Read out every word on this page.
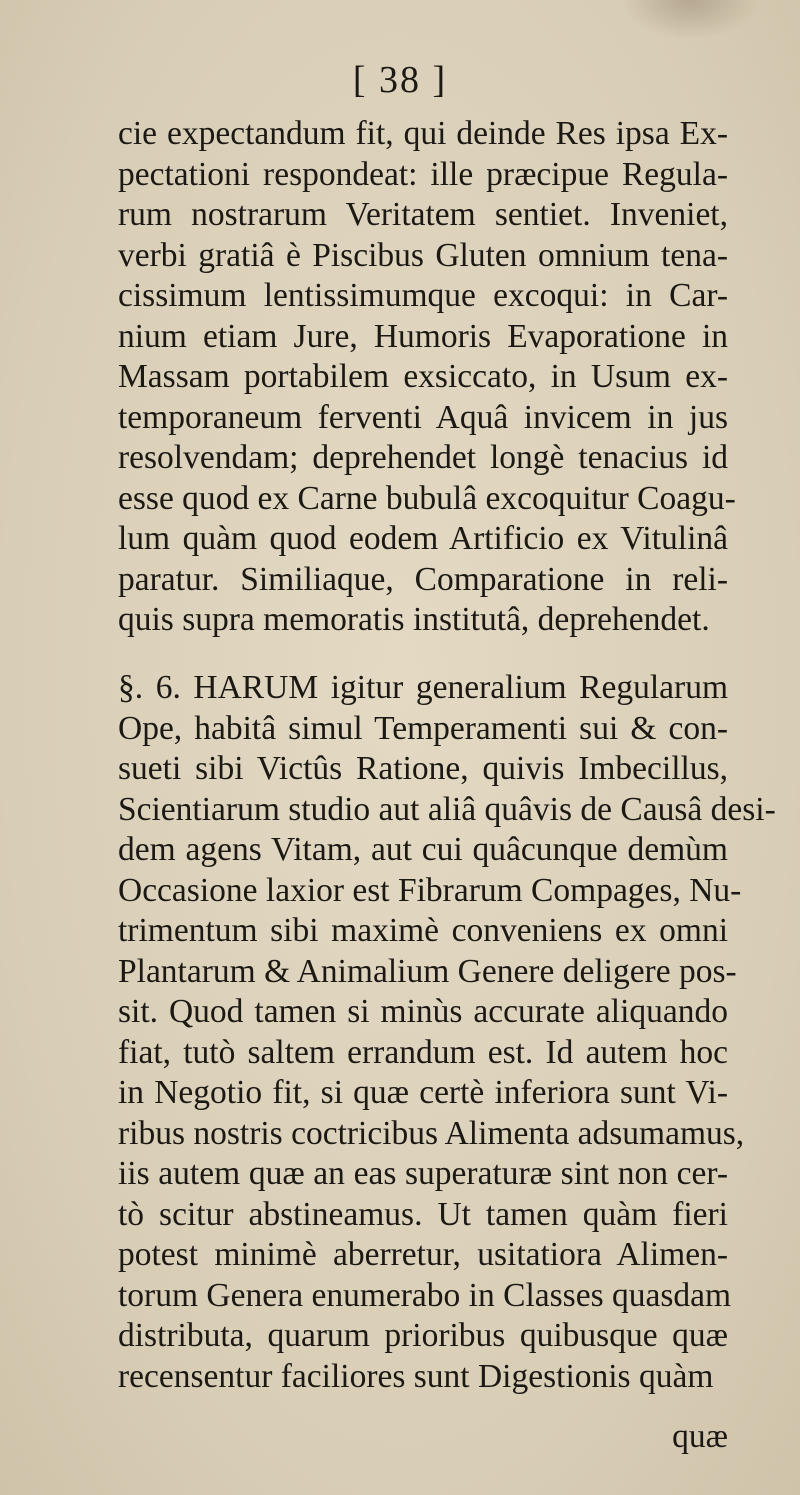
[ 38 ]
cie expectandum fit, qui deinde Res ipsa Ex-
pectationi respondeat: ille præcipue Regula-
rum nostrarum Veritatem sentiet. Inveniet,
verbi gratiâ è Piscibus Gluten omnium tena-
cissimum lentissimumque excoqui: in Car-
nium etiam Jure, Humoris Evaporatione in
Massam portabilem exsiccato, in Usum ex-
temporaneum ferventi Aquâ invicem in jus
resolvendam; deprehendet longè tenacius id
esse quod ex Carne bubulâ excoquitur Coagu-
lum quàm quod eodem Artificio ex Vitulinâ
paratur. Similiaque, Comparatione in reli-
quis supra memoratis institutâ, deprehendet.
§. 6. HARUM igitur generalium Regularum
Ope, habitâ simul Temperamenti sui & con-
sueti sibi Victûs Ratione, quivis Imbecillus,
Scientiarum studio aut aliâ quâvis de Causâ desi-
dem agens Vitam, aut cui quâcunque demùm
Occasione laxior est Fibrarum Compages, Nu-
trimentum sibi maximè conveniens ex omni
Plantarum & Animalium Genere deligere pos-
sit. Quod tamen si minùs accurate aliquando
fiat, tutò saltem errandum est. Id autem hoc
in Negotio fit, si quæ certè inferiora sunt Vi-
ribus nostris coctricibus Alimenta adsumamus,
iis autem quæ an eas superaturæ sint non cer-
tò scitur abstineamus. Ut tamen quàm fieri
potest minimè aberretur, usitatiora Alimen-
torum Genera enumerabo in Classes quasdam
distributa, quarum prioribus quibusque quæ
recensentur faciliores sunt Digestionis quàm
quæ
